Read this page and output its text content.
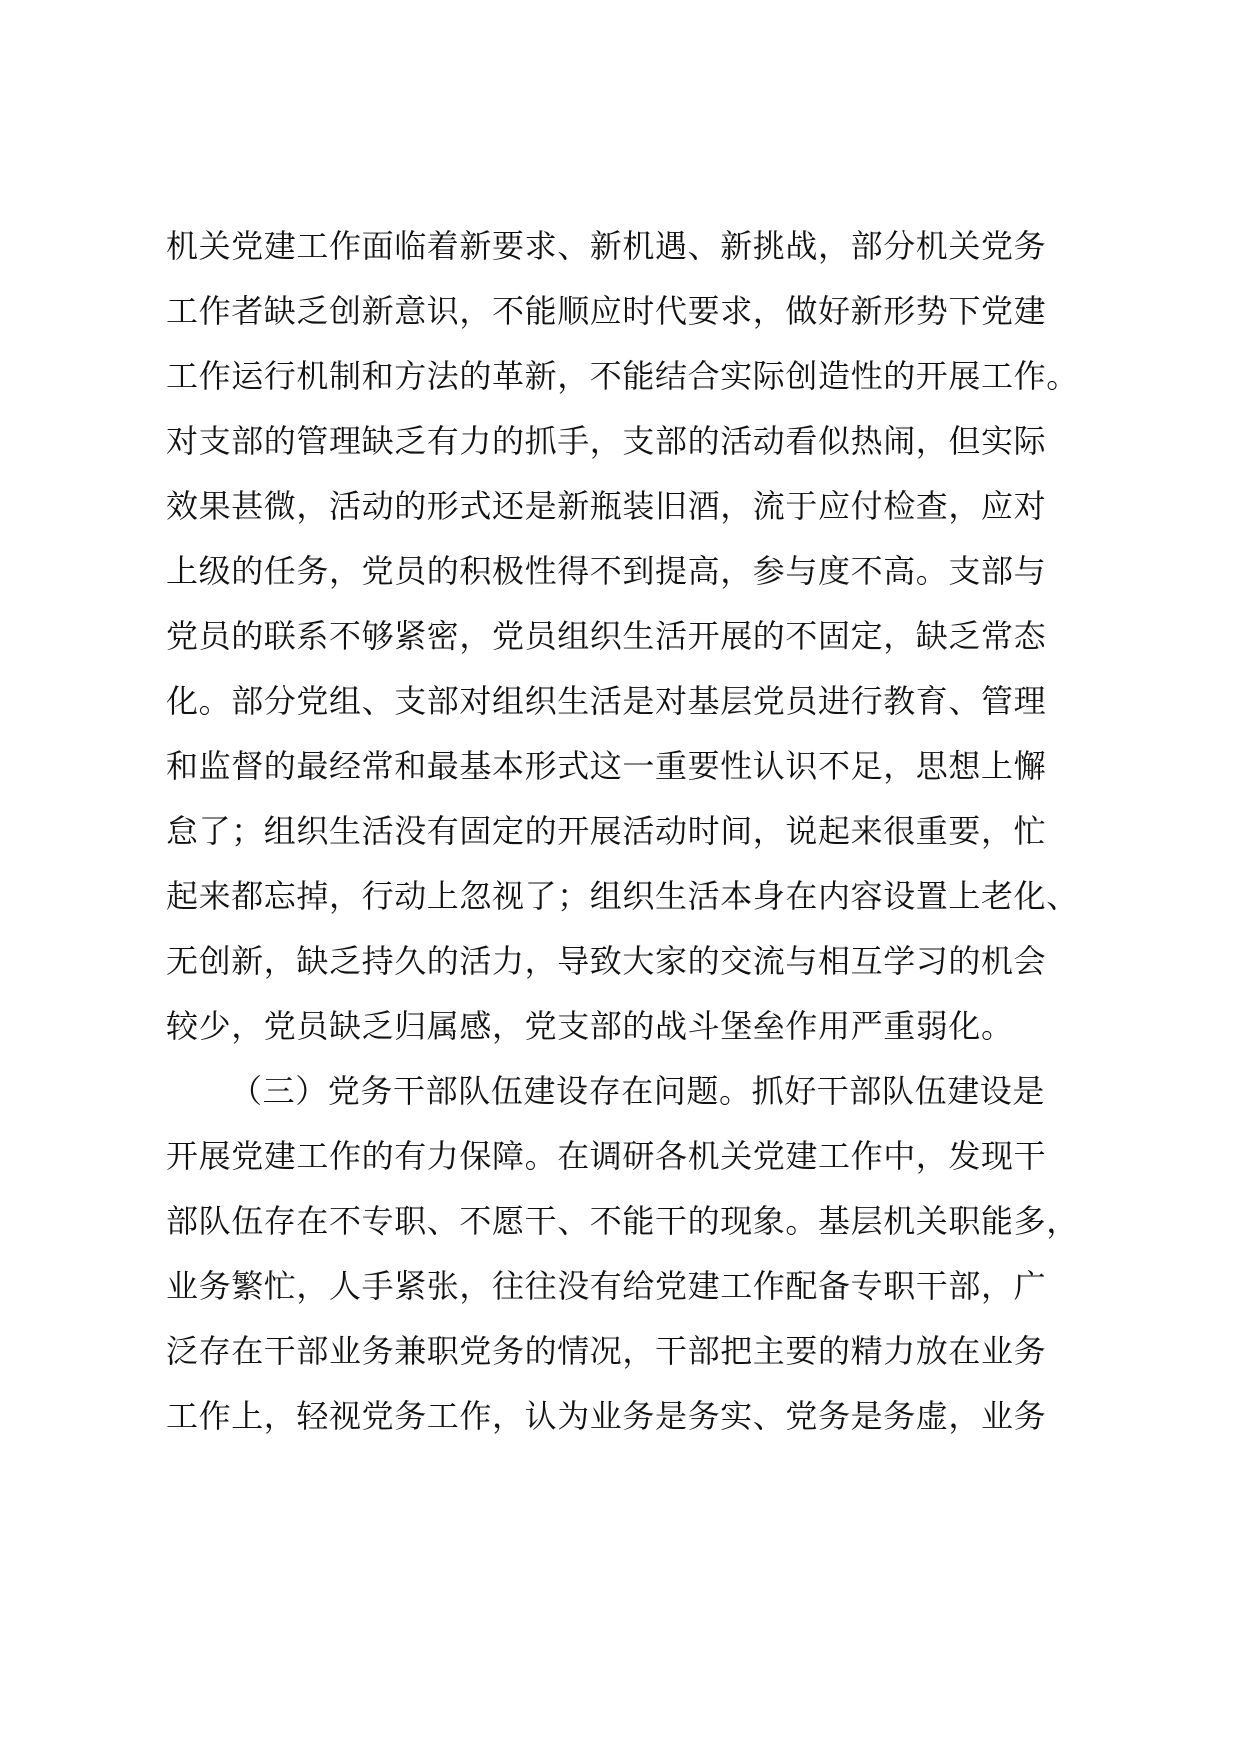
机关党建工作面临着新要求、新机遇、新挑战，部分机关党务
工作者缺乏创新意识，不能顺应时代要求，做好新形势下党建
工作运行机制和方法的革新，不能结合实际创造性的开展工作。
对支部的管理缺乏有力的抓手，支部的活动看似热闹，但实际
效果甚微，活动的形式还是新瓶装旧酒，流于应付检查，应对
上级的任务，党员的积极性得不到提高，参与度不高。支部与
党员的联系不够紧密，党员组织生活开展的不固定，缺乏常态
化。部分党组、支部对组织生活是对基层党员进行教育、管理
和监督的最经常和最基本形式这一重要性认识不足，思想上懈
怠了；组织生活没有固定的开展活动时间，说起来很重要，忙
起来都忘掉，行动上忽视了；组织生活本身在内容设置上老化、
无创新，缺乏持久的活力，导致大家的交流与相互学习的机会
较少，党员缺乏归属感，党支部的战斗堡垒作用严重弱化。
（三）党务干部队伍建设存在问题。抓好干部队伍建设是
开展党建工作的有力保障。在调研各机关党建工作中，发现干
部队伍存在不专职、不愿干、不能干的现象。基层机关职能多，
业务繁忙，人手紧张，往往没有给党建工作配备专职干部，广
泛存在干部业务兼职党务的情况，干部把主要的精力放在业务
工作上，轻视党务工作，认为业务是务实、党务是务虚，业务
